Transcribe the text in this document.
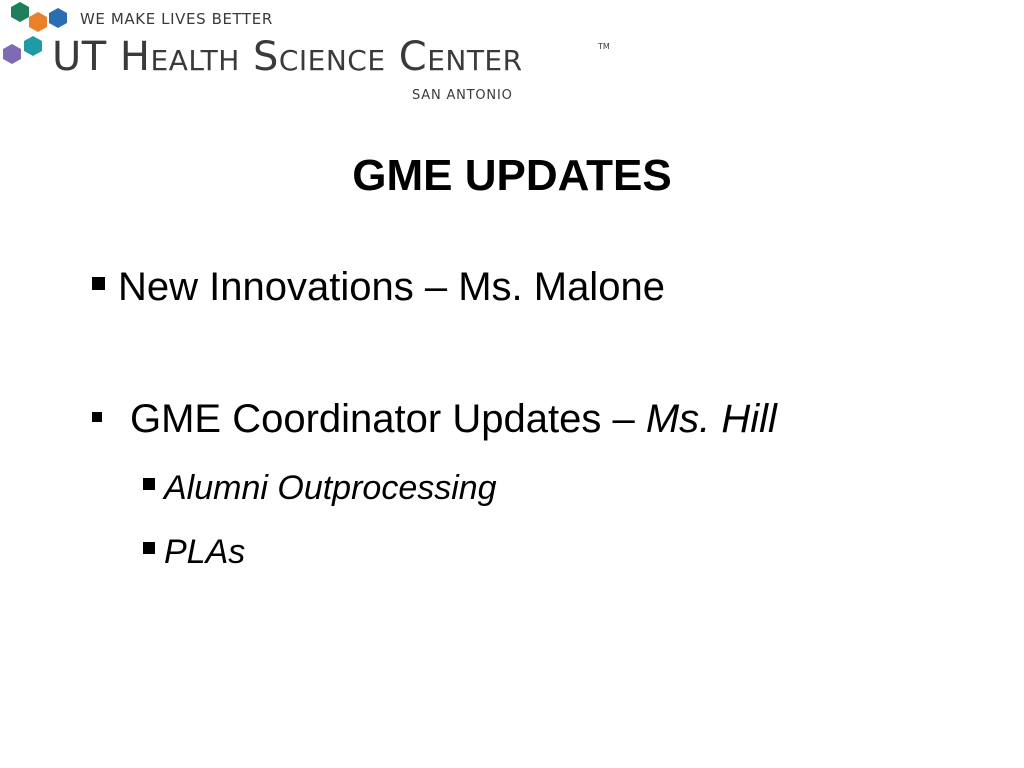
WE MAKE LIVES BETTER
UT Health Science Center	TM
SAN ANTONIO
GME UPDATES
New Innovations – Ms. Malone
GME Coordinator Updates – Ms. Hill
Alumni Outprocessing
PLAs
